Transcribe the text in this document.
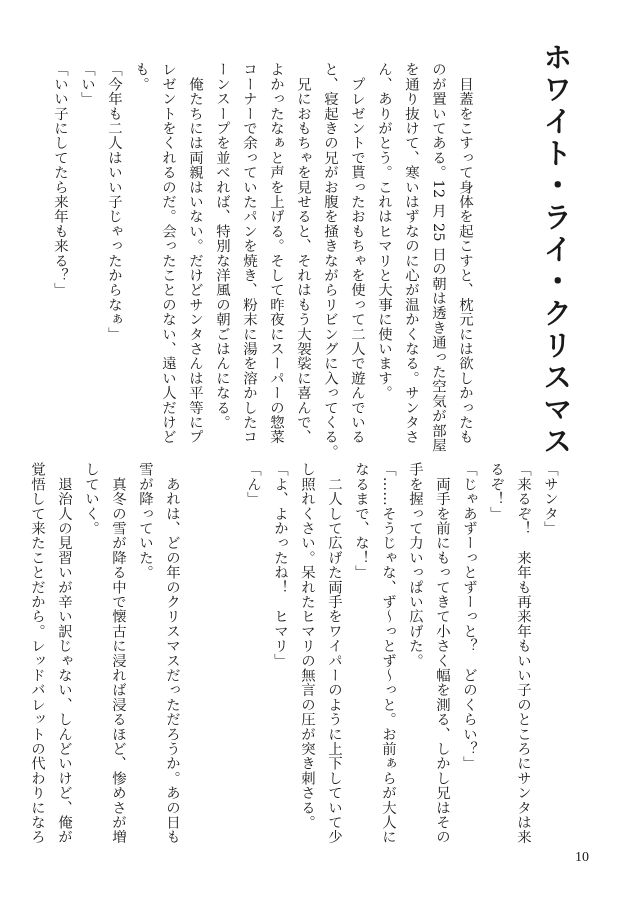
ホワイト・ライ・クリスマス
　目蓋をこすって身体を起こすと、枕元には欲しかったも
のが置いてある。12 月 25 日の朝は透き通った空気が部屋
を通り抜けて、寒いはずなのに心が温かくなる。サンタさ
ん、ありがとう。これはヒマリと大事に使います。
　プレゼントで貰ったおもちゃを使って二人で遊んでいる
と、寝起きの兄がお腹を掻きながらリビングに入ってくる。
　兄におもちゃを見せると、それはもう大袈裟に喜んで、
よかったなぁと声を上げる。そして昨夜にスーパーの惣菜
コーナーで余っていたパンを焼き、粉末に湯を溶かしたコ
ーンスープを並べれば、特別な洋風の朝ごはんになる。
　俺たちには両親はいない。だけどサンタさんは平等にプ
レゼントをくれるのだ。会ったことのない、遠い人だけど
も。
「今年も二人はいい子じゃったからなぁ」
「い」
「いい子にしてたら来年も来る？」
「サンタ」
「来るぞ！　来年も再来年もいい子のところにサンタは来
るぞ！」
「じゃあずーっとずーっと？　どのくらい？」
　両手を前にもってきて小さく幅を測る、しかし兄はその
手を握って力いっぱい広げた。
「……そうじゃな、ず～っとず～っと。お前ぁらが大人に
なるまで、な！」
　二人して広げた両手をワイパーのように上下していて少
し照れくさい。呆れたヒマリの無言の圧が突き刺さる。
「よ、よかったね！　ヒマリ」
「ん」

　あれは、どの年のクリスマスだっただろうか。あの日も
雪が降っていた。
　真冬の雪が降る中で懐古に浸れば浸るほど、惨めさが増
していく。
　退治人の見習いが辛い訳じゃない、しんどいけど、俺が
覚悟して来たことだから。レッドバレットの代わりになろ
10
